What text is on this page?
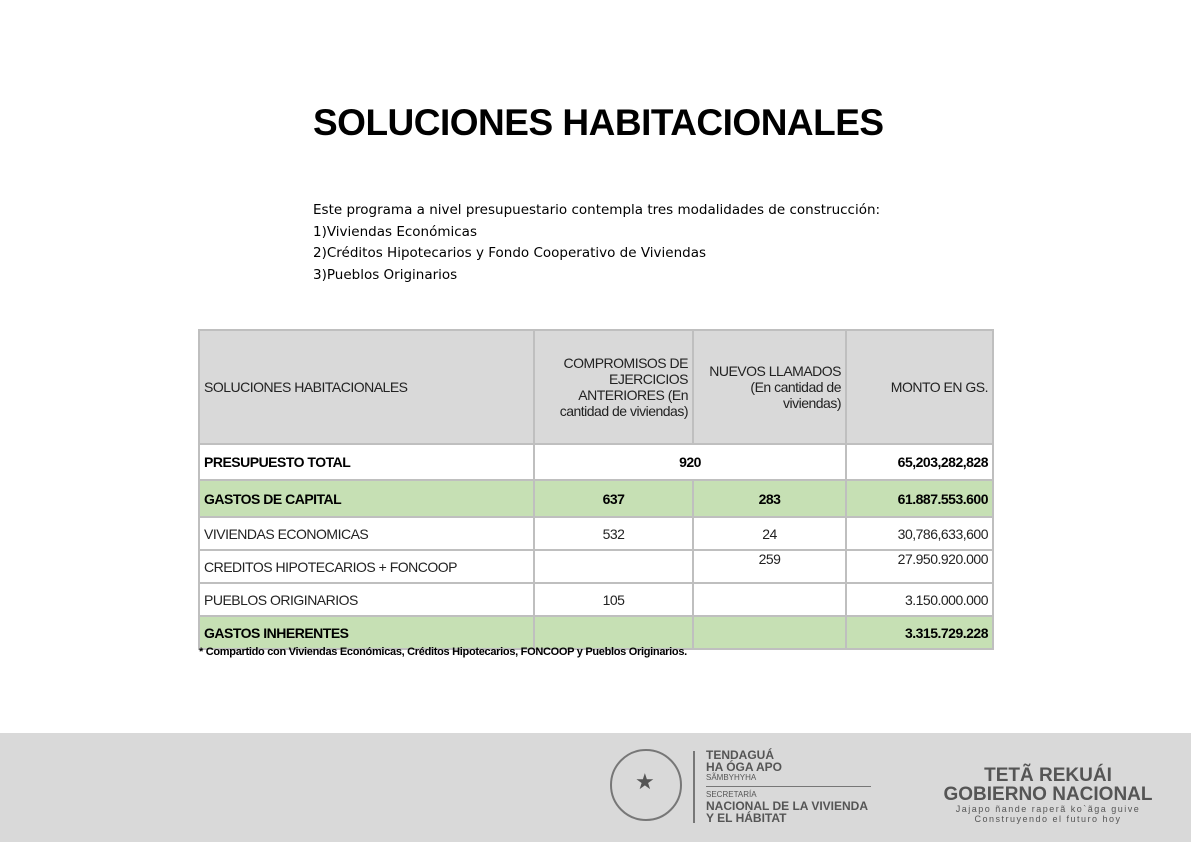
SOLUCIONES HABITACIONALES
Este programa a nivel presupuestario contempla tres modalidades de construcción:
1)Viviendas Económicas
2)Créditos Hipotecarios y Fondo Cooperativo de Viviendas
3)Pueblos Originarios
SOLUCIONES HABITACIONALES	COMPROMISOS DE EJERCICIOS ANTERIORES (En cantidad de viviendas)	NUEVOS LLAMADOS (En cantidad de viviendas)	MONTO EN GS.
PRESUPUESTO TOTAL	920		65,203,282,828
GASTOS DE CAPITAL	637	283	61.887.553.600
VIVIENDAS ECONOMICAS	532	24	30,786,633,600
CREDITOS HIPOTECARIOS + FONCOOP		259	27.950.920.000
PUEBLOS ORIGINARIOS	105		3.150.000.000
GASTOS INHERENTES			3.315.729.228
* Compartido con Viviendas Económicas, Créditos Hipotecarios, FONCOOP y Pueblos Originarios.
★
TENDAGUÁ
HA ÓGA APO
SÃMBYHYHA
SECRETARÍA
NACIONAL DE LA VIVIENDA
Y EL HÁBITAT
TETÃ REKUÁI
GOBIERNO NACIONAL
Jajapo ñande raperã ko`ãga guive
Construyendo el futuro hoy
